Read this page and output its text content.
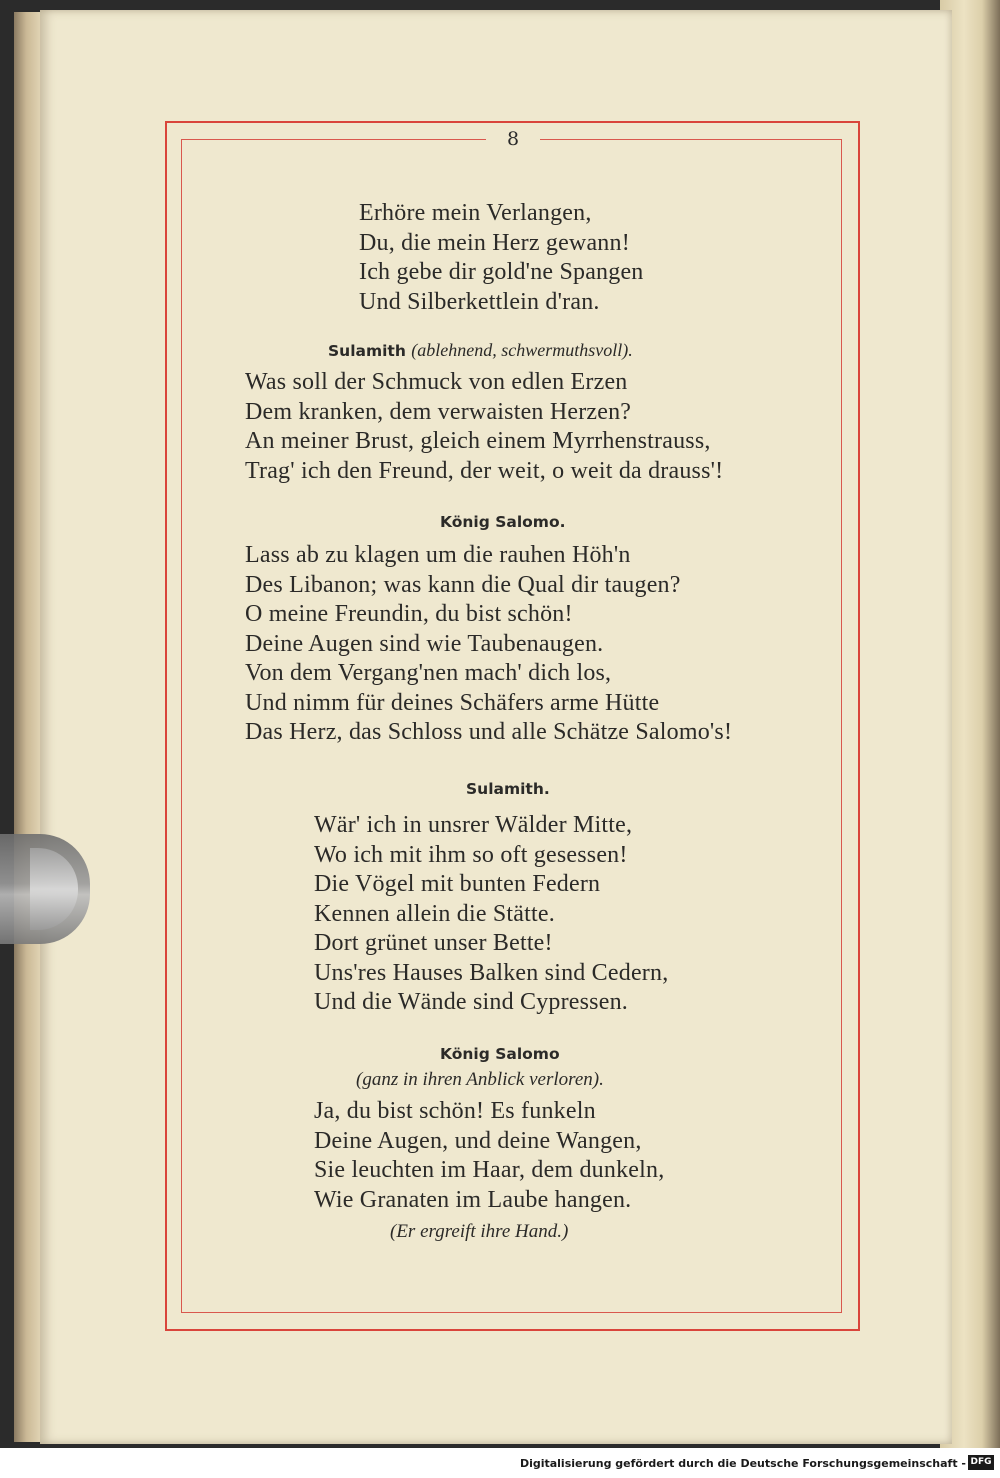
8
Erhöre mein Verlangen,
Du, die mein Herz gewann!
Ich gebe dir gold'ne Spangen
Und Silberkettlein d'ran.
Sulamith (ablehnend, schwermuthsvoll).
Was soll der Schmuck von edlen Erzen
Dem kranken, dem verwaisten Herzen?
An meiner Brust, gleich einem Myrrhenstrauss,
Trag' ich den Freund, der weit, o weit da drauss'!
König Salomo.
Lass ab zu klagen um die rauhen Höh'n
Des Libanon; was kann die Qual dir taugen?
O meine Freundin, du bist schön!
Deine Augen sind wie Taubenaugen.
Von dem Vergang'nen mach' dich los,
Und nimm für deines Schäfers arme Hütte
Das Herz, das Schloss und alle Schätze Salomo's!
Sulamith.
Wär' ich in unsrer Wälder Mitte,
Wo ich mit ihm so oft gesessen!
Die Vögel mit bunten Federn
Kennen allein die Stätte.
Dort grünet unser Bette!
Uns'res Hauses Balken sind Cedern,
Und die Wände sind Cypressen.
König Salomo
(ganz in ihren Anblick verloren).
Ja, du bist schön! Es funkeln
Deine Augen, und deine Wangen,
Sie leuchten im Haar, dem dunkeln,
Wie Granaten im Laube hangen.
(Er ergreift ihre Hand.)
Digitalisierung gefördert durch die Deutsche Forschungsgemeinschaft - DFG
